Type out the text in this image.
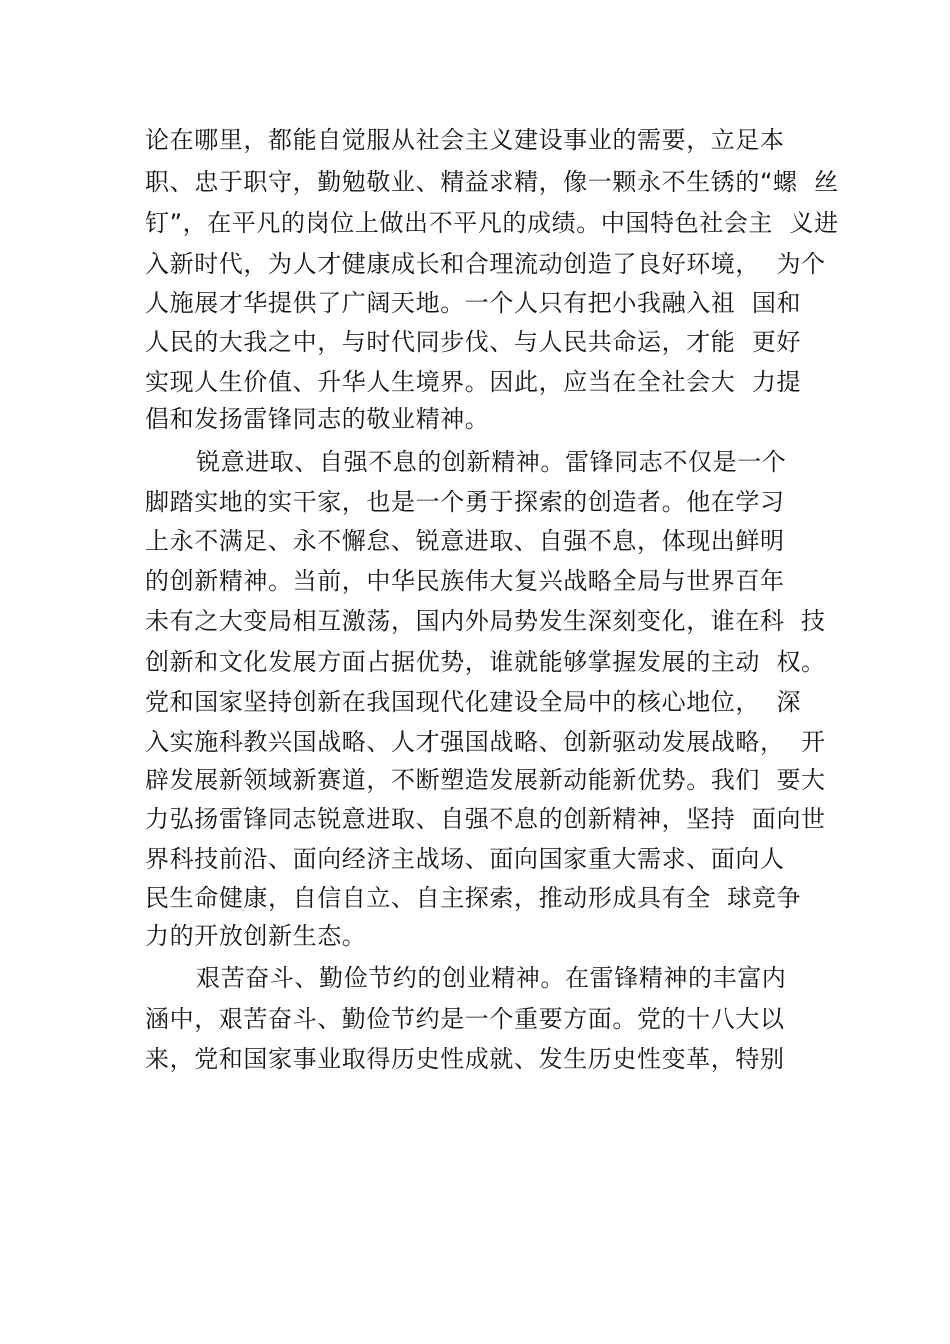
论在哪里，都能自觉服从社会主义建设事业的需要，立足本

职、忠于职守，勤勉敬业、精益求精，像一颗永不生锈的“螺  丝

钉”，在平凡的岗位上做出不平凡的成绩。中国特色社会主  义进

入新时代，为人才健康成长和合理流动创造了良好环境，  为个

人施展才华提供了广阔天地。一个人只有把小我融入祖  国和

人民的大我之中，与时代同步伐、与人民共命运，才能  更好

实现人生价值、升华人生境界。因此，应当在全社会大  力提

倡和发扬雷锋同志的敬业精神。

锐意进取、自强不息的创新精神。雷锋同志不仅是一个

脚踏实地的实干家，也是一个勇于探索的创造者。他在学习

上永不满足、永不懈怠、锐意进取、自强不息，体现出鲜明

的创新精神。当前，中华民族伟大复兴战略全局与世界百年

未有之大变局相互激荡，国内外局势发生深刻变化，谁在科  技

创新和文化发展方面占据优势，谁就能够掌握发展的主动  权。

党和国家坚持创新在我国现代化建设全局中的核心地位，  深

入实施科教兴国战略、人才强国战略、创新驱动发展战略，  开

辟发展新领域新赛道，不断塑造发展新动能新优势。我们  要大

力弘扬雷锋同志锐意进取、自强不息的创新精神，坚持  面向世

界科技前沿、面向经济主战场、面向国家重大需求、面向人

民生命健康，自信自立、自主探索，推动形成具有全  球竞争

力的开放创新生态。

艰苦奋斗、勤俭节约的创业精神。在雷锋精神的丰富内

涵中，艰苦奋斗、勤俭节约是一个重要方面。党的十八大以

来，党和国家事业取得历史性成就、发生历史性变革，特别
